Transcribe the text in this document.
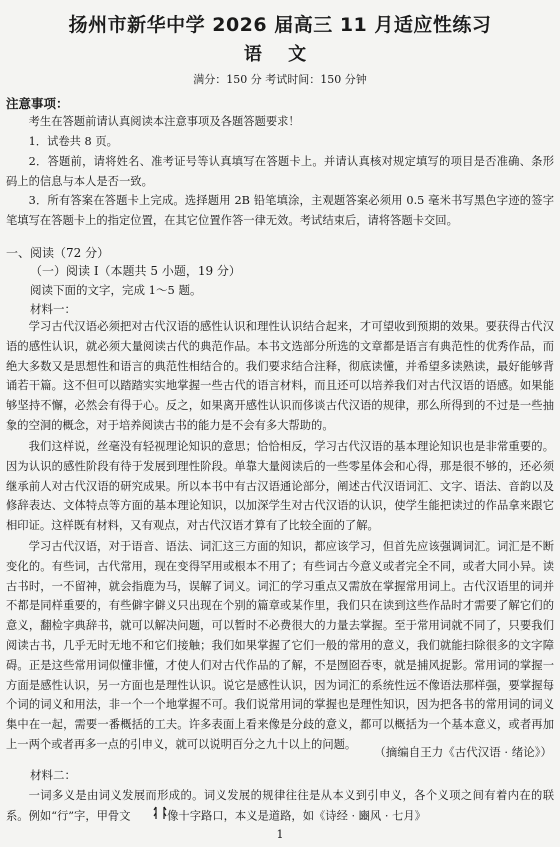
扬州市新华中学 2026 届高三 11 月适应性练习
语 文
满分：150 分 考试时间：150 分钟
注意事项：
考生在答题前请认真阅读本注意事项及各题答题要求！
1．试卷共 8 页。
2．答题前，请将姓名、准考证号等认真填写在答题卡上。并请认真核对规定填写的项目是否准确、条形码上的信息与本人是否一致。
3．所有答案在答题卡上完成。选择题用 2B 铅笔填涂，主观题答案必须用 0.5 毫米书写黑色字迹的签字笔填写在答题卡上的指定位置，在其它位置作答一律无效。考试结束后，请将答题卡交回。
一、阅读（72 分）
（一）阅读 I（本题共 5 小题，19 分）
阅读下面的文字，完成 1～5 题。
材料一：
学习古代汉语必须把对古代汉语的感性认识和理性认识结合起来，才可望收到预期的效果。要获得古代汉语的感性认识，就必须大量阅读古代的典范作品。本书文选部分所选的文章都是语言有典范性的优秀作品，而绝大多数又是思想性和语言的典范性相结合的。我们要求结合注释，彻底读懂，并希望多读熟读，最好能够背诵若干篇。这不但可以踏踏实实地掌握一些古代的语言材料，而且还可以培养我们对古代汉语的语感。如果能够坚持不懈，必然会有得于心。反之，如果离开感性认识而侈谈古代汉语的规律，那么所得到的不过是一些抽象的空洞的概念，对于培养阅读古书的能力是不会有多大帮助的。
我们这样说，丝毫没有轻视理论知识的意思；恰恰相反，学习古代汉语的基本理论知识也是非常重要的。因为认识的感性阶段有待于发展到理性阶段。单靠大量阅读后的一些零星体会和心得，那是很不够的，还必须继承前人对古代汉语的研究成果。所以本书中有古汉语通论部分，阐述古代汉语词汇、文字、语法、音韵以及修辞表达、文体特点等方面的基本理论知识，以加深学生对古代汉语的认识，使学生能把读过的作品拿来跟它相印证。这样既有材料，又有观点，对古代汉语才算有了比较全面的了解。
学习古代汉语，对于语音、语法、词汇这三方面的知识，都应该学习，但首先应该强调词汇。词汇是不断变化的。有些词，古代常用，现在变得罕用或根本不用了；有些词古今意义或者完全不同，或者大同小异。读古书时，一不留神，就会指鹿为马，误解了词义。词汇的学习重点又需放在掌握常用词上。古代汉语里的词并不都是同样重要的，有些僻字僻义只出现在个别的篇章或某作里，我们只在读到这些作品时才需要了解它们的意义，翻检字典辞书，就可以解决问题，可以暂时不必费很大的力量去掌握。至于常用词就不同了，只要我们阅读古书，几乎无时无地不和它们接触；我们如果掌握了它们一般的常用的意义，我们就能扫除很多的文字障碍。正是这些常用词似懂非懂，才使人们对古代作品的了解，不是囫囵吞枣，就是捕风捉影。常用词的掌握一方面是感性认识，另一方面也是理性认识。说它是感性认识，因为词汇的系统性远不像语法那样强，要掌握每个词的词义和用法，非一个一个地掌握不可。我们说常用词的掌握也是理性知识，因为把各书的常用词的词义集中在一起，需要一番概括的工夫。许多表面上看来像是分歧的意义，都可以概括为一个基本意义，或者再加上一两个或者再多一点的引申义，就可以说明百分之九十以上的问题。
（摘编自王力《古代汉语 · 绪论》）
材料二：
一词多义是由词义发展而形成的。词义发展的规律往往是从本义到引申义，各个义项之间有着内在的联系。例如“行”字，甲骨文	像十字路口，本义是道路，如《诗经 · 豳风 · 七月》
1
